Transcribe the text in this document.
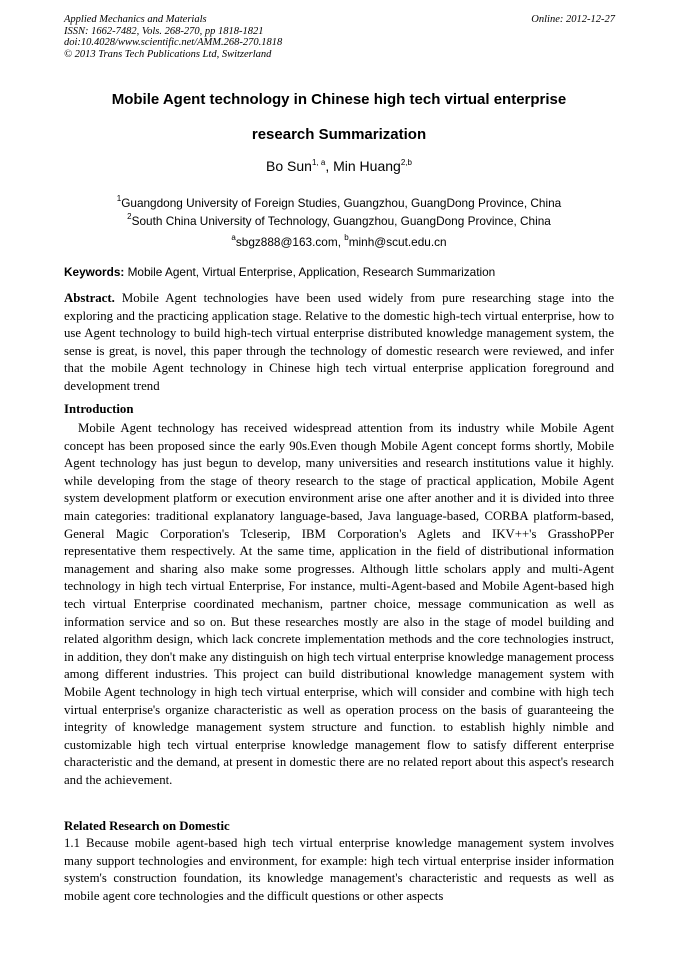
Applied Mechanics and Materials
ISSN: 1662-7482, Vols. 268-270, pp 1818-1821
doi:10.4028/www.scientific.net/AMM.268-270.1818
© 2013 Trans Tech Publications Ltd, Switzerland
Online: 2012-12-27
Mobile Agent technology in Chinese high tech virtual enterprise
research Summarization
Bo Sun$^{1, a}$, Min Huang$^{2,b}$
$^1$Guangdong University of Foreign Studies, Guangzhou, GuangDong Province, China
$^2$South China University of Technology, Guangzhou, GuangDong Province, China
$^a$sbgz888@163.com, $^b$minh@scut.edu.cn
Keywords: Mobile Agent, Virtual Enterprise, Application, Research Summarization
Abstract. Mobile Agent technologies have been used widely from pure researching stage into the exploring and the practicing application stage. Relative to the domestic high-tech virtual enterprise, how to use Agent technology to build high-tech virtual enterprise distributed knowledge management system, the sense is great, is novel, this paper through the technology of domestic research were reviewed, and infer that the mobile Agent technology in Chinese high tech virtual enterprise application foreground and development trend
Introduction
Mobile Agent technology has received widespread attention from its industry while Mobile Agent concept has been proposed since the early 90s.Even though Mobile Agent concept forms shortly, Mobile Agent technology has just begun to develop, many universities and research institutions value it highly. while developing from the stage of theory research to the stage of practical application, Mobile Agent system development platform or execution environment arise one after another and it is divided into three main categories: traditional explanatory language-based, Java language-based, CORBA platform-based, General Magic Corporation's Tcleserip, IBM Corporation's Aglets and IKV++'s GrasshoPPer representative them respectively. At the same time, application in the field of distributional information management and sharing also make some progresses. Although little scholars apply and multi-Agent technology in high tech virtual Enterprise, For instance, multi-Agent-based and Mobile Agent-based high tech virtual Enterprise coordinated mechanism, partner choice, message communication as well as information service and so on. But these researches mostly are also in the stage of model building and related algorithm design, which lack concrete implementation methods and the core technologies instruct, in addition, they don't make any distinguish on high tech virtual enterprise knowledge management process among different industries. This project can build distributional knowledge management system with Mobile Agent technology in high tech virtual enterprise, which will consider and combine with high tech virtual enterprise's organize characteristic as well as operation process on the basis of guaranteeing the integrity of knowledge management system structure and function. to establish highly nimble and customizable high tech virtual enterprise knowledge management flow to satisfy different enterprise characteristic and the demand, at present in domestic there are no related report about this aspect's research and the achievement.
Related Research on Domestic
1.1 Because mobile agent-based high tech virtual enterprise knowledge management system involves many support technologies and environment, for example: high tech virtual enterprise insider information system's construction foundation, its knowledge management's characteristic and requests as well as mobile agent core technologies and the difficult questions or other aspects
